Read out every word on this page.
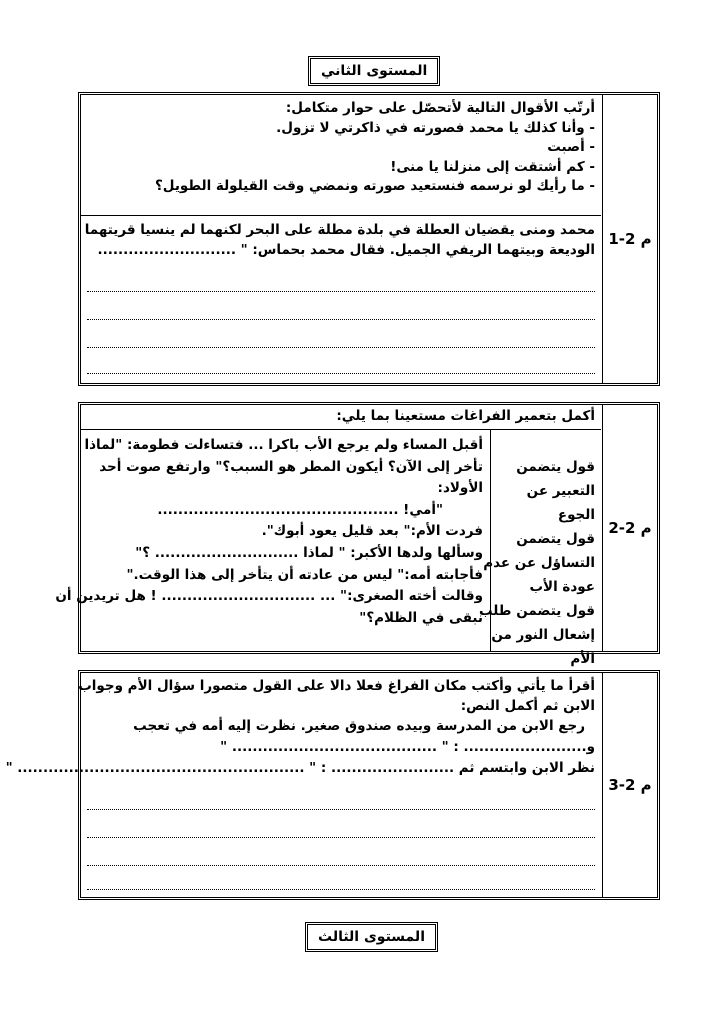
المستوى الثاني
م 2-1
أرتّب الأقوال التالية لأتحصّل على حوار متكامل:
- وأنا كذلك يا محمد فصورته في ذاكرتي لا تزول.
- أصبت
- كم أشتقت إلى منزلنا يا منى!
- ما رأيك لو نرسمه فنستعيد صورته ونمضي وقت القيلولة الطويل؟
محمد ومنى يقضيان العطلة في بلدة مطلة على البحر لكنهما لم ينسيا قريتهما
الوديعة وبيتهما الريفي الجميل. فقال محمد بحماس: " ...........................
م 2-2
أكمل بتعمير الفراغات مستعينا بما يلي:
قول يتضمن
التعبير عن
الجوع
قول يتضمن
التساؤل عن عدم
عودة الأب
قول يتضمن طلب
إشعال النور من
الأم
أقبل المساء ولم يرجع الأب باكرا ... فتساءلت فطومة: "لماذا
تأخر إلى الآن؟ أيكون المطر هو السبب؟" وارتفع صوت أحد
الأولاد:
"أمي! ...............................................
فردت الأم:" بعد قليل يعود أبوك".
وسألها ولدها الأكبر: " لماذا ............................ ؟"
فأجابته أمه:" ليس من عادته أن يتأخر إلى هذا الوقت."
وقالت أخته الصغرى:" ... .............................. ! هل تريدين أن
نبقى في الظلام؟"
م 2-3
أقرأ ما يأتي وأكتب مكان الفراغ فعلا دالا على القول متصورا سؤال الأم وجواب
الابن ثم أكمل النص:
رجع الابن من المدرسة وبيده صندوق صغير. نظرت إليه أمه في تعجب
و........................ : " ........................................ "
نظر الابن وابتسم ثم ........................ : " ........................................................ "
المستوى الثالث
